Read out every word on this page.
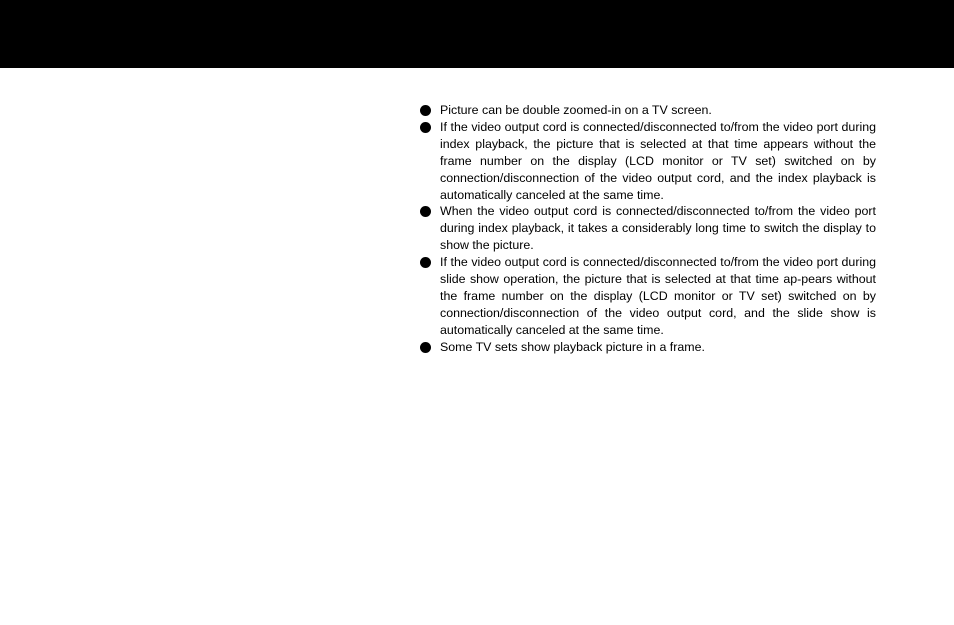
Picture can be double zoomed-in on a TV screen.
If the video output cord is connected/disconnected to/from the video port during index playback, the picture that is selected at that time appears without the frame number on the display (LCD monitor or TV set) switched on by connection/disconnection of the video output cord, and the index playback is automatically canceled at the same time.
When the video output cord is connected/disconnected to/from the video port during index playback, it takes a considerably long time to switch the display to show the picture.
If the video output cord is connected/disconnected to/from the video port during slide show operation, the picture that is selected at that time ap-pears without the frame number on the display (LCD monitor or TV set) switched on by connection/disconnection of the video output cord, and the slide show is automatically canceled at the same time.
Some TV sets show playback picture in a frame.
